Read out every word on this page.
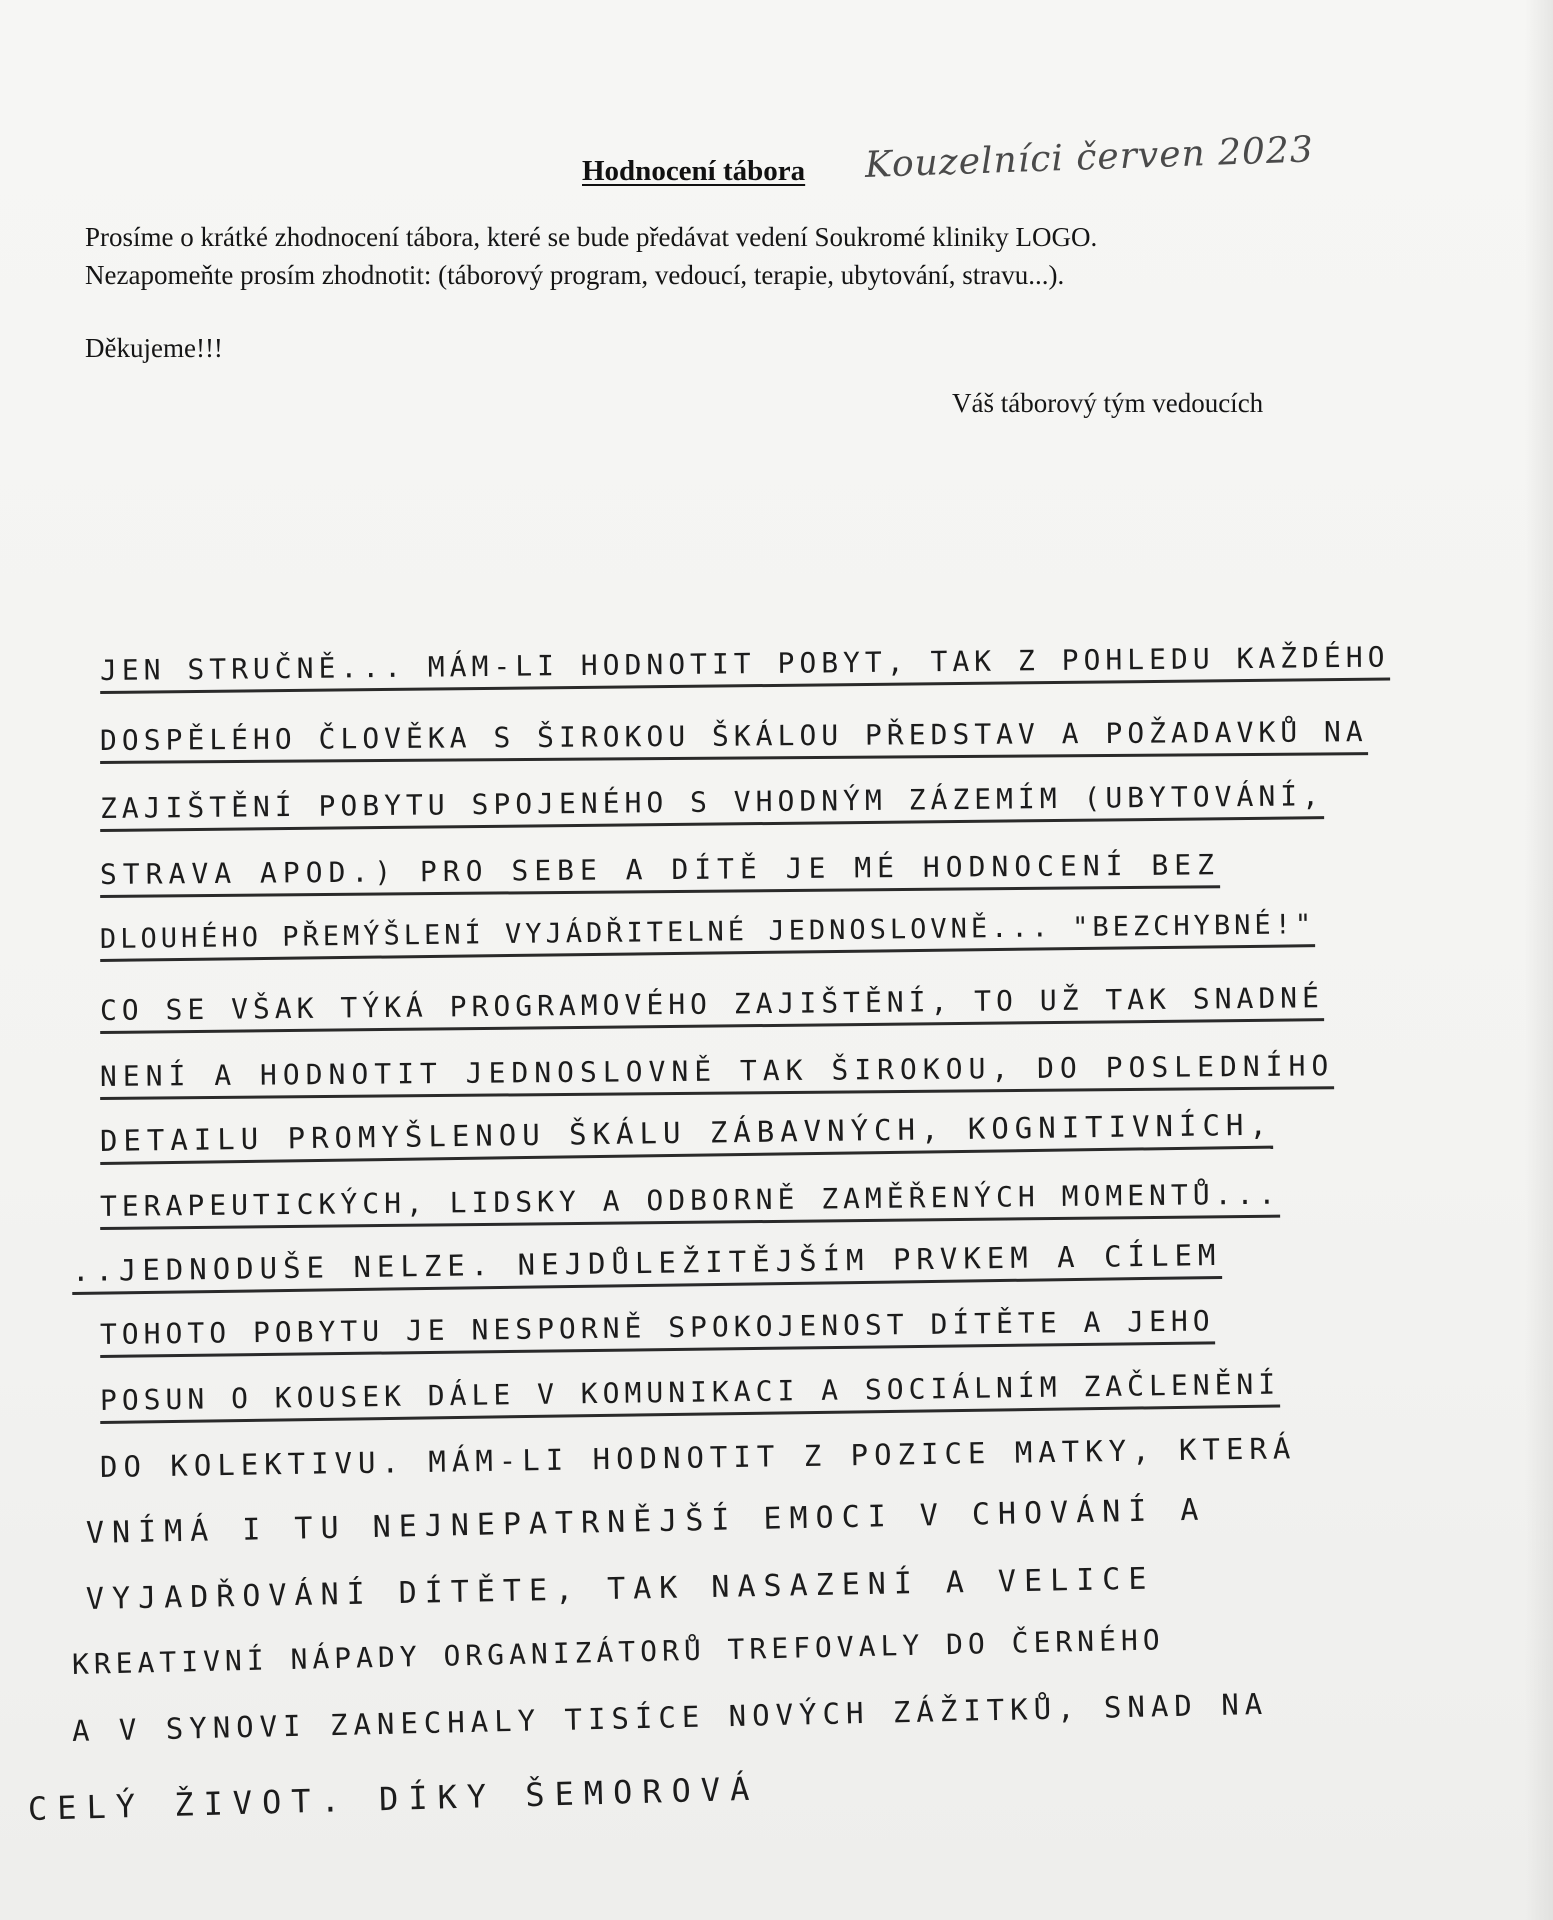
Hodnocení tábora Kouzelníci červen 2023

Prosíme o krátké zhodnocení tábora, které se bude předávat vedení Soukromé kliniky LOGO.

Nezapomeňte prosím zhodnotit: (táborový program, vedoucí, terapie, ubytování, stravu...).

Děkujeme!!!
Váš táborový tým vedoucích
JEN STRUČNĚ... MÁM-LI HODNOTIT POBYT, TAK Z POHLEDU KAŽDÉHO
DOSPĚLÉHO ČLOVĚKA S ŠIROKOU ŠKÁLOU PŘEDSTAV A POŽADAVKŮ NA
ZAJIŠTĚNÍ POBYTU SPOJENÉHO S VHODNÝM ZÁZEMÍM (UBYTOVÁNÍ,
STRAVA APOD.) PRO SEBE A DÍTĚ JE MÉ HODNOCENÍ BEZ
DLOUHÉHO PŘEMÝŠLENÍ VYJÁDŘITELNÉ JEDNOSLOVNĚ... "BEZCHYBNÉ!"
CO SE VŠAK TÝKÁ PROGRAMOVÉHO ZAJIŠTĚNÍ, TO UŽ TAK SNADNÉ
NENÍ A HODNOTIT JEDNOSLOVNĚ TAK ŠIROKOU, DO POSLEDNÍHO
DETAILU PROMYŠLENOU ŠKÁLU ZÁBAVNÝCH, KOGNITIVNÍCH,
TERAPEUTICKÝCH, LIDSKY A ODBORNĚ ZAMĚŘENÝCH MOMENTŮ...
..JEDNODUŠE NELZE. NEJDŮLEŽITĚJŠÍM PRVKEM A CÍLEM
TOHOTO POBYTU JE NESPORNĚ SPOKOJENOST DÍTĚTE A JEHO
POSUN O KOUSEK DÁLE V KOMUNIKACI A SOCIÁLNÍM ZAČLENĚNÍ
DO KOLEKTIVU. MÁM-LI HODNOTIT Z POZICE MATKY, KTERÁ
VNÍMÁ I TU NEJNEPATRNĚJŠÍ EMOCI V CHOVÁNÍ A
VYJADŘOVÁNÍ DÍTĚTE, TAK NASAZENÍ A VELICE
KREATIVNÍ NÁPADY ORGANIZÁTORŮ TREFOVALY DO ČERNÉHO
A V SYNOVI ZANECHALY TISÍCE NOVÝCH ZÁŽITKŮ, SNAD NA
CELÝ ŽIVOT. DÍKY ŠEMOROVÁ
